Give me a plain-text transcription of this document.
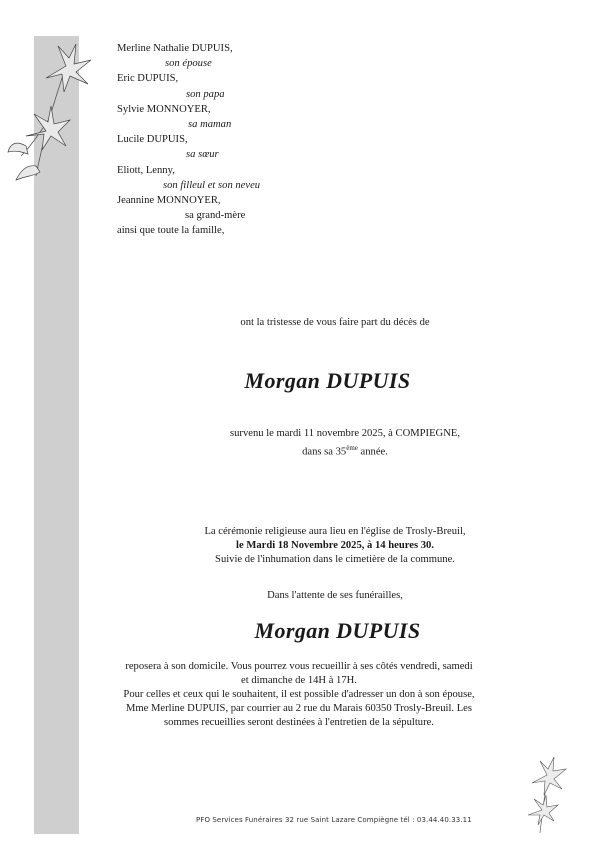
Merline Nathalie DUPUIS,
son épouse
Eric DUPUIS,
son papa
Sylvie MONNOYER,
sa maman
Lucile DUPUIS,
sa sœur
Eliott, Lenny,
son filleul et son neveu
Jeannine MONNOYER,
sa grand-mère
ainsi que toute la famille,
ont la tristesse de vous faire part du décès de
Morgan DUPUIS
survenu le mardi 11 novembre 2025, à COMPIEGNE,
dans sa 35ème année.
La cérémonie religieuse aura lieu en l'église de Trosly-Breuil,
le Mardi 18 Novembre 2025, à 14 heures 30.
Suivie de l'inhumation dans le cimetière de la commune.
Dans l'attente de ses funérailles,
Morgan DUPUIS
reposera à son domicile. Vous pourrez vous recueillir à ses côtés vendredi, samedi et dimanche de 14H à 17H.
Pour celles et ceux qui le souhaitent, il est possible d'adresser un don à son épouse, Mme Merline DUPUIS, par courrier au 2 rue du Marais 60350 Trosly-Breuil. Les sommes recueillies seront destinées à l'entretien de la sépulture.
PFO Services Funéraires 32 rue Saint Lazare Compiègne tél : 03.44.40.33.11
